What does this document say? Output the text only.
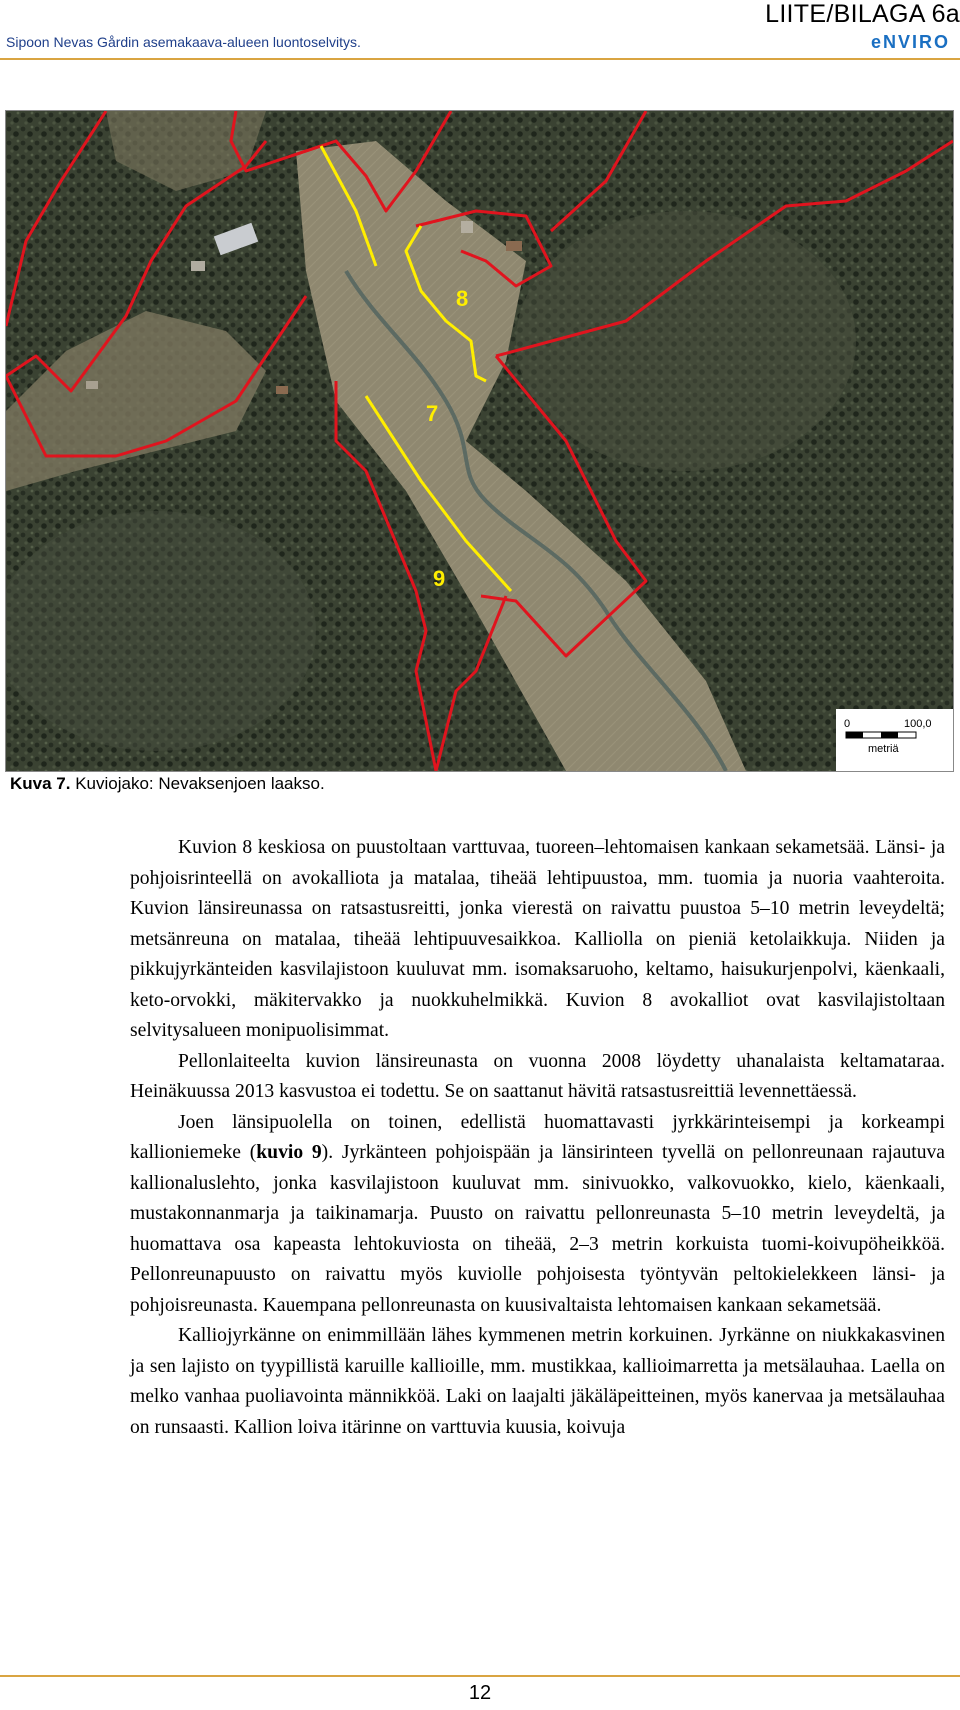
Sipoon Nevas Gårdin asemakaava-alueen luontoselvitys.
LIITE/BILAGA 6a
eNVIRO
8
7
9
0	100,0
metriä
Kuva 7. Kuviojako: Nevaksenjoen laakso.

Kuvion 8 keskiosa on puustoltaan varttuvaa, tuoreen–lehtomaisen kankaan sekametsää. Länsi- ja pohjoisrinteellä on avokalliota ja matalaa, tiheää lehtipuustoa, mm. tuomia ja nuoria vaahteroita. Kuvion länsireunassa on ratsastusreitti, jonka vierestä on raivattu puustoa 5–10 metrin leveydeltä; metsänreuna on matalaa, tiheää lehtipuuvesaikkoa. Kalliolla on pieniä ketolaikkuja. Niiden ja pikkujyrkänteiden kasvilajistoon kuuluvat mm. isomaksaruoho, keltamo, haisukurjenpolvi, käenkaali, keto-orvokki, mäkitervakko ja nuokkuhelmikkä. Kuvion 8 avokalliot ovat kasvilajistoltaan selvitysalueen monipuolisimmat.

Pellonlaiteelta kuvion länsireunasta on vuonna 2008 löydetty uhanalaista keltamataraa. Heinäkuussa 2013 kasvustoa ei todettu. Se on saattanut hävitä ratsastusreittiä levennettäessä.

Joen länsipuolella on toinen, edellistä huomattavasti jyrkkärinteisempi ja korkeampi kallioniemeke (kuvio 9). Jyrkänteen pohjoispään ja länsirinteen tyvellä on pellonreunaan rajautuva kallionaluslehto, jonka kasvilajistoon kuuluvat mm. sinivuokko, valkovuokko, kielo, käenkaali, mustakonnanmarja ja taikinamarja. Puusto on raivattu pellonreunasta 5–10 metrin leveydeltä, ja huomattava osa kapeasta lehtokuviosta on tiheää, 2–3 metrin korkuista tuomi-koivupöheikköä. Pellonreunapuusto on raivattu myös kuviolle pohjoisesta työntyvän peltokielekkeen länsi- ja pohjoisreunasta. Kauempana pellonreunasta on kuusivaltaista lehtomaisen kankaan sekametsää.

Kalliojyrkänne on enimmillään lähes kymmenen metrin korkuinen. Jyrkänne on niukkakasvinen ja sen lajisto on tyypillistä karuille kallioille, mm. mustikkaa, kallioimarretta ja metsälauhaa. Laella on melko vanhaa puoliavointa männikköä. Laki on laajalti jäkäläpeitteinen, myös kanervaa ja metsälauhaa on runsaasti. Kallion loiva itärinne on varttuvia kuusia, koivuja

12
